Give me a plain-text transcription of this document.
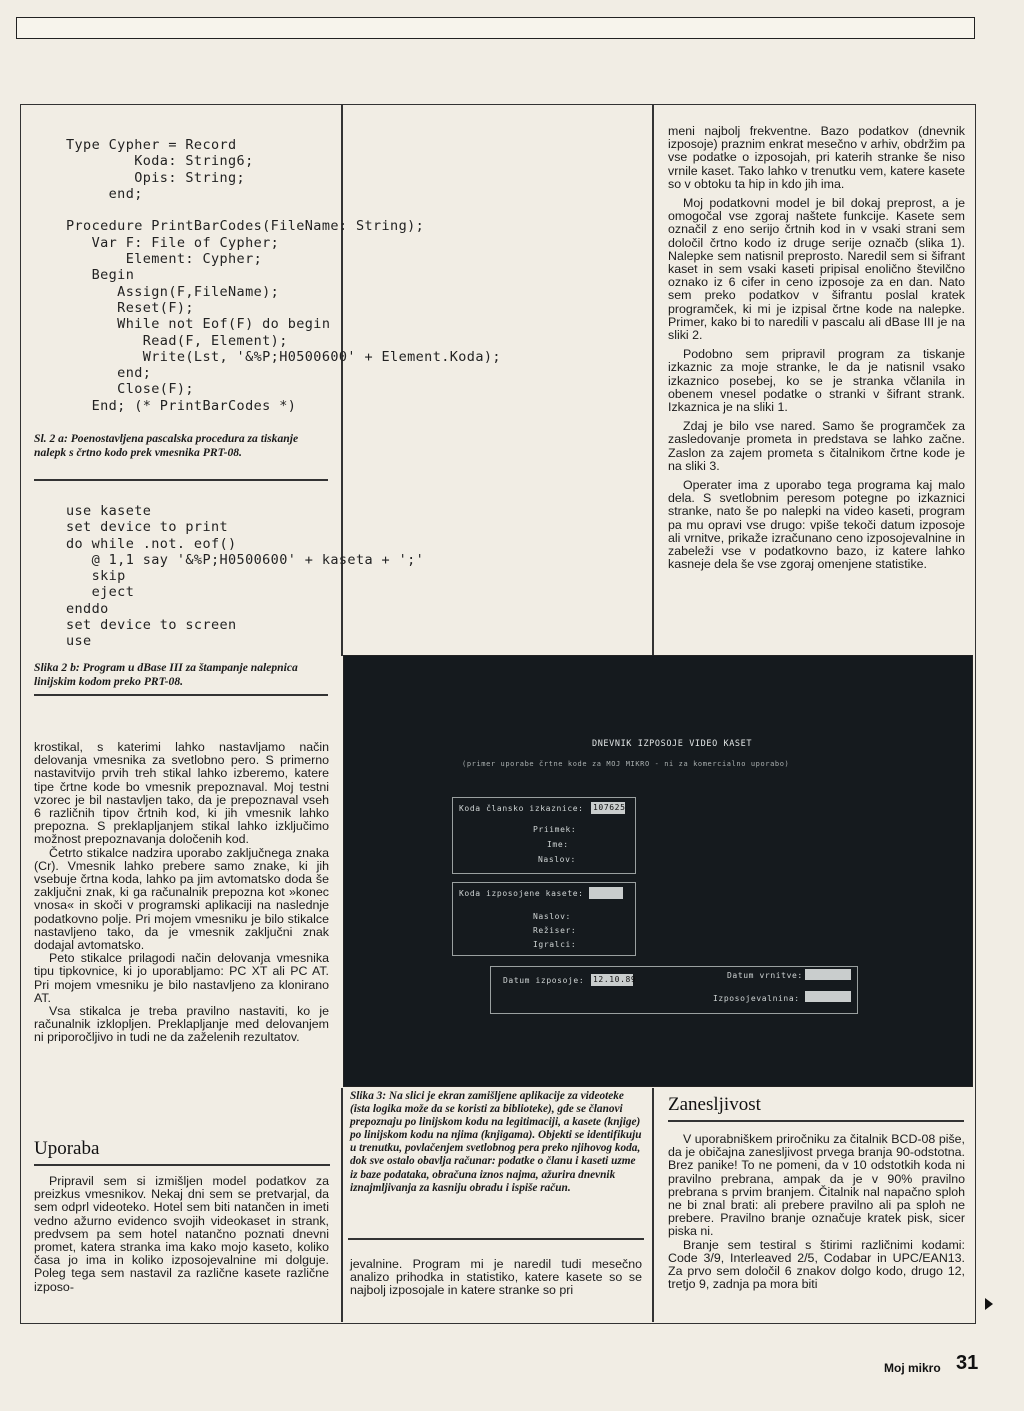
Type Cypher = Record
Koda: String6;
Opis: String;
end;

Procedure PrintBarCodes(FileName: String);
Var F: File of Cypher;
Element: Cypher;
Begin
Assign(F,FileName);
Reset(F);
While not Eof(F) do begin
Read(F, Element);
Write(Lst, '&%P;H0500600' + Element.Koda);
end;
Close(F);
End; (* PrintBarCodes *)
Sl. 2 a: Poenostavljena pascalska procedura za tiskanje nalepk s črtno kodo prek vmesnika PRT-08.
use kasete
set device to print
do while .not. eof()
@ 1,1 say '&%P;H0500600' + kaseta + ';'
skip
eject
enddo
set device to screen
use
Slika 2 b: Program u dBase III za štampanje nalepnica linijskim kodom preko PRT-08.

krostikal, s katerimi lahko nastavljamo način delovanja vmesnika za svetlobno pero. S primerno nastavitvijo prvih treh stikal lahko izberemo, katere tipe črtne kode bo vmesnik prepoznaval. Moj testni vzorec je bil nastavljen tako, da je prepoznaval vseh 6 različnih tipov črtnih kod, ki jih vmesnik lahko prepozna. S preklapljanjem stikal lahko izključimo možnost prepoznavanja določenih kod.

Četrto stikalce nadzira uporabo zaključnega znaka (Cr). Vmesnik lahko prebere samo znake, ki jih vsebuje črtna koda, lahko pa jim avtomatsko doda še zaključni znak, ki ga računalnik prepozna kot »konec vnosa« in skoči v programski aplikaciji na naslednje podatkovno polje. Pri mojem vmesniku je bilo stikalce nastavljeno tako, da je vmesnik zaključni znak dodajal avtomatsko.

Peto stikalce prilagodi način delovanja vmesnika tipu tipkovnice, ki jo uporabljamo: PC XT ali PC AT. Pri mojem vmesniku je bilo nastavljeno za klonirano AT.

Vsa stikalca je treba pravilno nastaviti, ko je računalnik izklopljen. Preklapljanje med delovanjem ni priporočljivo in tudi ne da zaželenih rezultatov.

Uporaba

Pripravil sem si izmišljen model podatkov za preizkus vmesnikov. Nekaj dni sem se pretvarjal, da sem odprl videoteko. Hotel sem biti natančen in imeti vedno ažurno evidenco svojih videokaset in strank, predvsem pa sem hotel natančno poznati dnevni promet, katera stranka ima kako mojo kaseto, koliko časa jo ima in koliko izposojevalnine mi dolguje. Poleg tega sem nastavil za različne kasete različne izposo-

meni najbolj frekventne. Bazo podatkov (dnevnik izposoje) praznim enkrat mesečno v arhiv, obdržim pa vse podatke o izposojah, pri katerih stranke še niso vrnile kaset. Tako lahko v trenutku vem, katere kasete so v obtoku ta hip in kdo jih ima.

Moj podatkovni model je bil dokaj preprost, a je omogočal vse zgoraj naštete funkcije. Kasete sem označil z eno serijo črtnih kod in v vsaki strani sem določil črtno kodo iz druge serije označb (slika 1). Nalepke sem natisnil preprosto. Naredil sem si šifrant kaset in sem vsaki kaseti pripisal enolično številčno oznako iz 6 cifer in ceno izposoje za en dan. Nato sem preko podatkov v šifrantu poslal kratek programček, ki mi je izpisal črtne kode na nalepke. Primer, kako bi to naredili v pascalu ali dBase III je na sliki 2.

Podobno sem pripravil program za tiskanje izkaznic za moje stranke, le da je natisnil vsako izkaznico posebej, ko se je stranka včlanila in obenem vnesel podatke o stranki v šifrant strank. Izkaznica je na sliki 1.

Zdaj je bilo vse nared. Samo še programček za zasledovanje prometa in predstava se lahko začne. Zaslon za zajem prometa s čitalnikom črtne kode je na sliki 3.

Operater ima z uporabo tega programa kaj malo dela. S svetlobnim peresom potegne po izkaznici stranke, nato še po nalepki na video kaseti, program pa mu opravi vse drugo: vpiše tekoči datum izposoje ali vrnitve, prikaže izračunano ceno izposojevalnine in zabeleži vse v podatkovno bazo, iz katere lahko kasneje dela še vse zgoraj omenjene statistike.

DNEVNIK IZPOSOJE VIDEO KASET
(primer uporabe črtne kode za MOJ MIKRO - ni za komercialno uporabo)
Koda člansko izkaznice: 107625
Priimek:
Ime:
Naslov:
Koda izposojene kasete:
Naslov:
Režiser:
Igralci:
Datum izposoje: 12.10.89	Datum vrnitve:
Izposojevalnina:
Slika 3: Na slici je ekran zamišljene aplikacije za videoteke (ista logika može da se koristi za biblioteke), gde se članovi prepoznaju po linijskom kodu na legitimaciji, a kasete (knjige) po linijskom kodu na njima (knjigama). Objekti se identifikuju u trenutku, povlačenjem svetlobnog pera preko njihovog koda, dok sve ostalo obavlja računar: podatke o članu i kaseti uzme iz baze podataka, obračuna iznos najma, ažurira dnevnik iznajmljivanja za kasniju obradu i ispiše račun.

jevalnine. Program mi je naredil tudi mesečno analizo prihodka in statistiko, katere kasete so se najbolj izposojale in katere stranke so pri

Zanesljivost

V uporabniškem priročniku za čitalnik BCD-08 piše, da je običajna zanesljivost prvega branja 90-odstotna. Brez panike! To ne pomeni, da v 10 odstotkih koda ni pravilno prebrana, ampak da je v 90% pravilno prebrana s prvim branjem. Čitalnik nal napačno sploh ne bi znal brati: ali prebere pravilno ali pa sploh ne prebere. Pravilno branje označuje kratek pisk, sicer piska ni.

Branje sem testiral s štirimi različnimi kodami: Code 3/9, Interleaved 2/5, Codabar in UPC/EAN13. Za prvo sem določil 6 znakov dolgo kodo, drugo 12, tretjo 9, zadnja pa mora biti

Moj mikro 31
